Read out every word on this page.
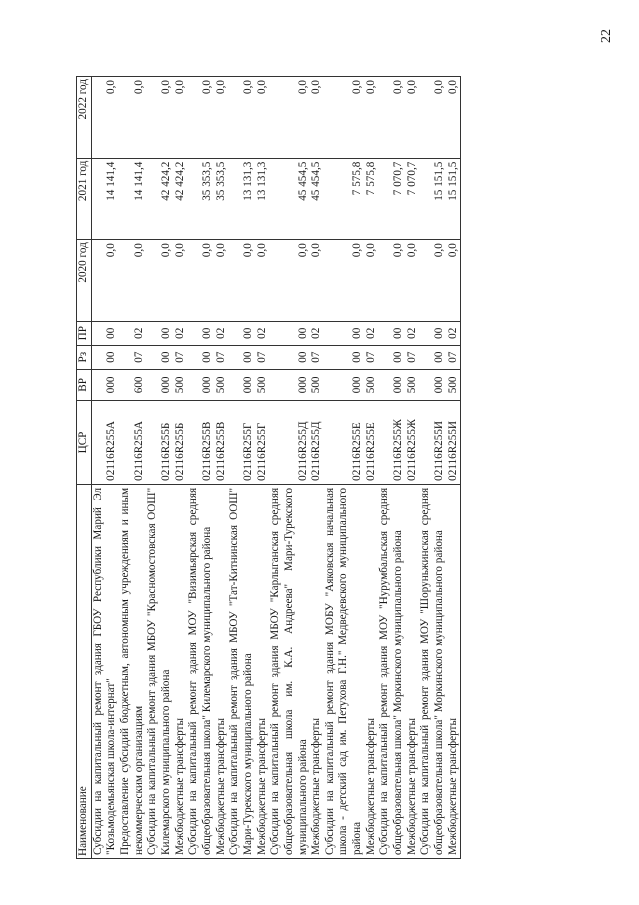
22
Наименование	ЦСР	ВР	Рз	ПР	2020 год	2021 год	2022 год
Субсидии на капитальный ремонт здания ГБОУ Республики Марий Эл "Козьмодемьянская школа-интернат"	02116R255A	000	00	00	0,0	14 141,4	0,0
Предоставление субсидий бюджетным, автономным учреждениям и иным некоммерческим организациям	02116R255A	600	07	02	0,0	14 141,4	0,0
Субсидии на капитальный ремонт здания МБОУ "Красномостовская ООШ" Килемарского муниципального района	02116R255Б	000	00	00	0,0	42 424,2	0,0
Межбюджетные трансферты	02116R255Б	500	07	02	0,0	42 424,2	0,0
Субсидии на капитальный ремонт здания МОУ "Визимьярская средняя общеобразовательная школа" Килемарского муниципального района	02116R255В	000	00	00	0,0	35 353,5	0,0
Межбюджетные трансферты	02116R255В	500	07	02	0,0	35 353,5	0,0
Субсидии на капитальный ремонт здания МБОУ "Тат-Китнинская ООШ" Мари-Турекского муниципального района	02116R255Г	000	00	00	0,0	13 131,3	0,0
Межбюджетные трансферты	02116R255Г	500	07	02	0,0	13 131,3	0,0
Субсидии на капитальный ремонт здания МБОУ "Карлыганская средняя общеобразовательная школа им. К.А. Андреева" Мари-Турекского муниципального района	02116R255Д	000	00	00	0,0	45 454,5	0,0
Межбюджетные трансферты	02116R255Д	500	07	02	0,0	45 454,5	0,0
Субсидии на капитальный ремонт здания МОБУ "Аяковская начальная школа - детский сад им. Петухова Г.Н." Медведевского муниципального района	02116R255Е	000	00	00	0,0	7 575,8	0,0
Межбюджетные трансферты	02116R255Е	500	07	02	0,0	7 575,8	0,0
Субсидии на капитальный ремонт здания МОУ "Нурумбальская средняя общеобразовательная школа" Моркинского муниципального района	02116R255Ж	000	00	00	0,0	7 070,7	0,0
Межбюджетные трансферты	02116R255Ж	500	07	02	0,0	7 070,7	0,0
Субсидии на капитальный ремонт здания МОУ "Шоруньжинская средняя общеобразовательная школа" Моркинского муниципального района	02116R255И	000	00	00	0,0	15 151,5	0,0
Межбюджетные трансферты	02116R255И	500	07	02	0,0	15 151,5	0,0
